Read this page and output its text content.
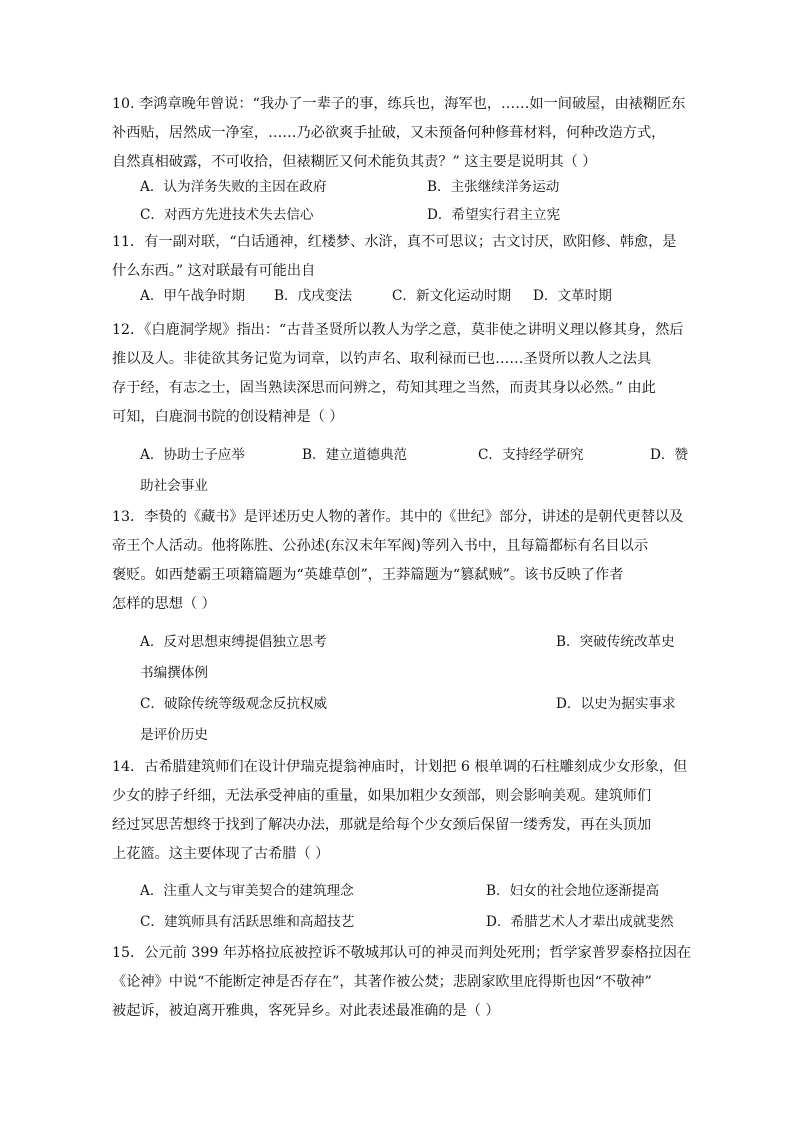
10. 李鸿章晚年曾说：“我办了一辈子的事，练兵也，海军也，……如一间破屋，由裱糊匠东
补西贴，居然成一净室，……乃必欲爽手扯破，又未预备何种修葺材料，何种改造方式，
自然真相破露，不可收拾，但裱糊匠又何术能负其责？” 这主要是说明其（ ）
A．认为洋务失败的主因在政府	B．主张继续洋务运动
C．对西方先进技术失去信心	D．希望实行君主立宪
11．有一副对联，“白话通神，红楼梦、水浒，真不可思议；古文讨厌，欧阳修、韩愈，是
什么东西。” 这对联最有可能出自
A．甲午战争时期 B．戊戌变法	C．新文化运动时期 D．文革时期
12．《白鹿洞学规》指出：“古昔圣贤所以教人为学之意，莫非使之讲明义理以修其身，然后
推以及人。非徒欲其务记览为词章，以钓声名、取利禄而已也……圣贤所以教人之法具
存于经，有志之士，固当熟读深思而问辨之，苟知其理之当然，而责其身以必然。” 由此
可知，白鹿洞书院的创设精神是（ ）
A．协助士子应举	B．建立道德典范	C．支持经学研究	D．赞
助社会事业
13．李贽的《藏书》是评述历史人物的著作。其中的《世纪》部分，讲述的是朝代更替以及
帝王个人活动。他将陈胜、公孙述(东汉末年军阀)等列入书中，且每篇都标有名目以示
褒贬。如西楚霸王项籍篇题为“英雄草创”，王莽篇题为“篡弑贼”。该书反映了作者
怎样的思想（ ）
A．反对思想束缚提倡独立思考	B．突破传统改革史
书编撰体例
C．破除传统等级观念反抗权威	D．以史为据实事求
是评价历史
14．古希腊建筑师们在设计伊瑞克提翁神庙时，计划把 6 根单调的石柱雕刻成少女形象，但
少女的脖子纤细，无法承受神庙的重量，如果加粗少女颈部，则会影响美观。建筑师们
经过冥思苦想终于找到了解决办法，那就是给每个少女颈后保留一缕秀发，再在头顶加
上花篮。这主要体现了古希腊（ ）
A．注重人文与审美契合的建筑理念	B．妇女的社会地位逐渐提高
C．建筑师具有活跃思维和高超技艺	D．希腊艺术人才辈出成就斐然
15．公元前 399 年苏格拉底被控诉不敬城邦认可的神灵而判处死刑；哲学家普罗泰格拉因在
《论神》中说“不能断定神是否存在”，其著作被公焚；悲剧家欧里庇得斯也因“不敬神”
被起诉，被迫离开雅典，客死异乡。对此表述最准确的是（ ）
